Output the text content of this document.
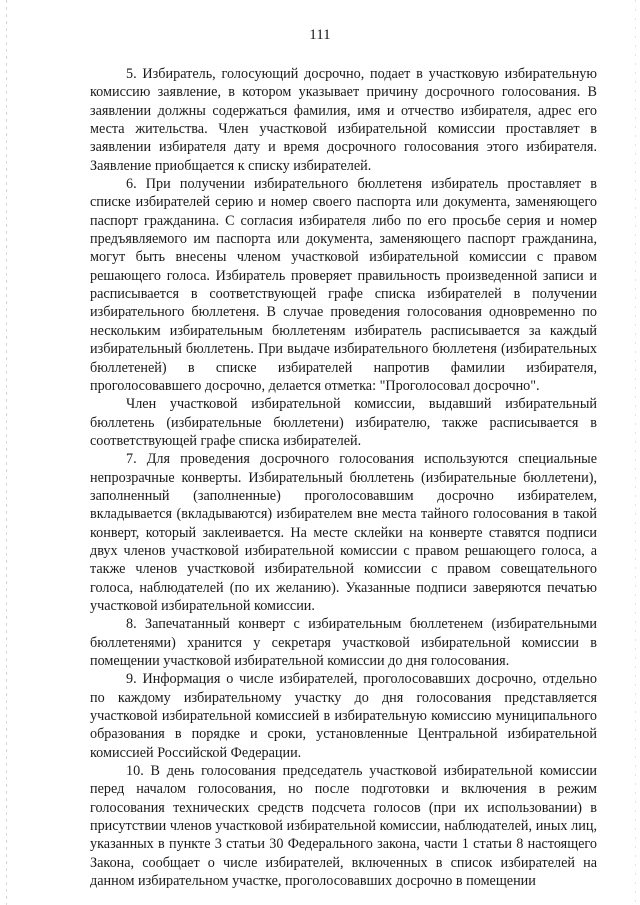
111

5. Избиратель, голосующий досрочно, подает в участковую избирательную комиссию заявление, в котором указывает причину досрочного голосования. В заявлении должны содержаться фамилия, имя и отчество избирателя, адрес его места жительства. Член участковой избирательной комиссии проставляет в заявлении избирателя дату и время досрочного голосования этого избирателя. Заявление приобщается к списку избирателей.

6. При получении избирательного бюллетеня избиратель проставляет в списке избирателей серию и номер своего паспорта или документа, заменяющего паспорт гражданина. С согласия избирателя либо по его просьбе серия и номер предъявляемого им паспорта или документа, заменяющего паспорт гражданина, могут быть внесены членом участковой избирательной комиссии с правом решающего голоса. Избиратель проверяет правильность произведенной записи и расписывается в соответствующей графе списка избирателей в получении избирательного бюллетеня. В случае проведения голосования одновременно по нескольким избирательным бюллетеням избиратель расписывается за каждый избирательный бюллетень. При выдаче избирательного бюллетеня (избирательных бюллетеней) в списке избирателей напротив фамилии избирателя, проголосовавшего досрочно, делается отметка: "Проголосовал досрочно".

Член участковой избирательной комиссии, выдавший избирательный бюллетень (избирательные бюллетени) избирателю, также расписывается в соответствующей графе списка избирателей.

7. Для проведения досрочного голосования используются специальные непрозрачные конверты. Избирательный бюллетень (избирательные бюллетени), заполненный (заполненные) проголосовавшим досрочно избирателем, вкладывается (вкладываются) избирателем вне места тайного голосования в такой конверт, который заклеивается. На месте склейки на конверте ставятся подписи двух членов участковой избирательной комиссии с правом решающего голоса, а также членов участковой избирательной комиссии с правом совещательного голоса, наблюдателей (по их желанию). Указанные подписи заверяются печатью участковой избирательной комиссии.

8. Запечатанный конверт с избирательным бюллетенем (избирательными бюллетенями) хранится у секретаря участковой избирательной комиссии в помещении участковой избирательной комиссии до дня голосования.

9. Информация о числе избирателей, проголосовавших досрочно, отдельно по каждому избирательному участку до дня голосования представляется участковой избирательной комиссией в избирательную комиссию муниципального образования в порядке и сроки, установленные Центральной избирательной комиссией Российской Федерации.

10. В день голосования председатель участковой избирательной комиссии перед началом голосования, но после подготовки и включения в режим голосования технических средств подсчета голосов (при их использовании) в присутствии членов участковой избирательной комиссии, наблюдателей, иных лиц, указанных в пункте 3 статьи 30 Федерального закона, части 1 статьи 8 настоящего Закона, сообщает о числе избирателей, включенных в список избирателей на данном избирательном участке, проголосовавших досрочно в помещении
